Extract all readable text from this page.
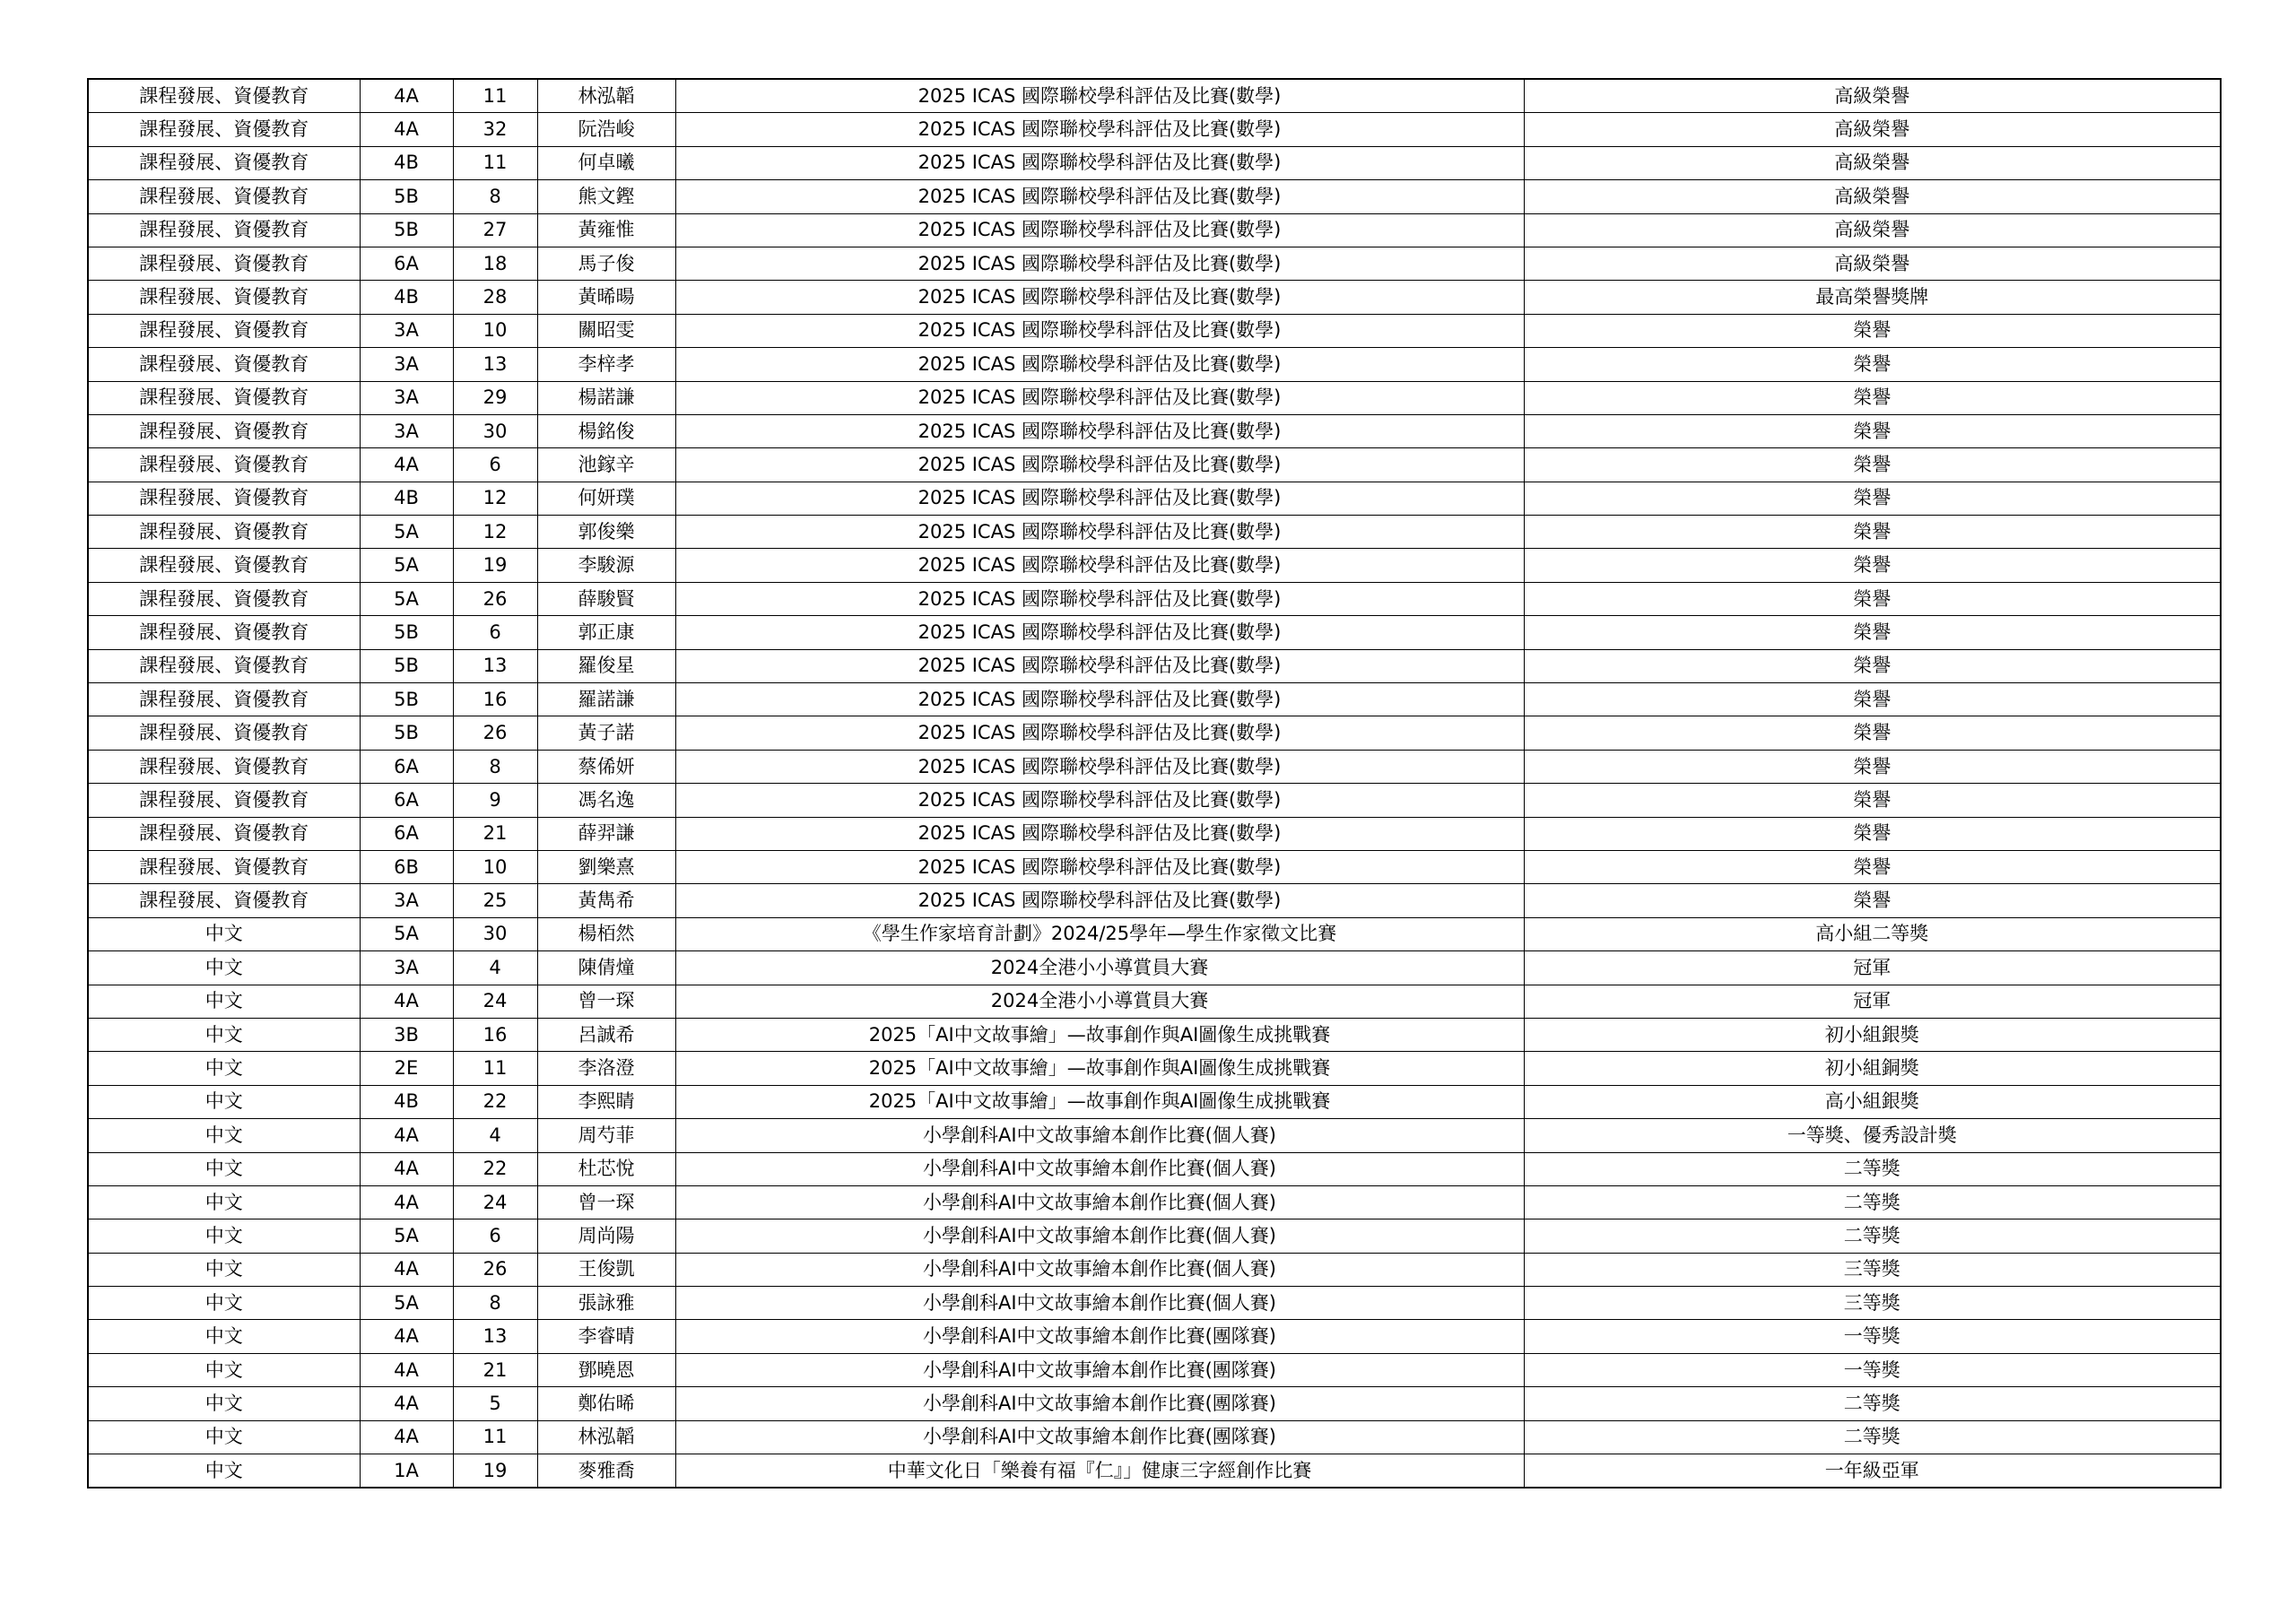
課程發展、資優教育	4A	11	林泓韜	2025 ICAS 國際聯校學科評估及比賽(數學)	高級榮譽
課程發展、資優教育	4A	32	阮浩峻	2025 ICAS 國際聯校學科評估及比賽(數學)	高級榮譽
課程發展、資優教育	4B	11	何卓曦	2025 ICAS 國際聯校學科評估及比賽(數學)	高級榮譽
課程發展、資優教育	5B	8	熊文鏗	2025 ICAS 國際聯校學科評估及比賽(數學)	高級榮譽
課程發展、資優教育	5B	27	黃雍惟	2025 ICAS 國際聯校學科評估及比賽(數學)	高級榮譽
課程發展、資優教育	6A	18	馬子俊	2025 ICAS 國際聯校學科評估及比賽(數學)	高級榮譽
課程發展、資優教育	4B	28	黃晞暘	2025 ICAS 國際聯校學科評估及比賽(數學)	最高榮譽獎牌
課程發展、資優教育	3A	10	關昭雯	2025 ICAS 國際聯校學科評估及比賽(數學)	榮譽
課程發展、資優教育	3A	13	李梓孝	2025 ICAS 國際聯校學科評估及比賽(數學)	榮譽
課程發展、資優教育	3A	29	楊諾謙	2025 ICAS 國際聯校學科評估及比賽(數學)	榮譽
課程發展、資優教育	3A	30	楊銘俊	2025 ICAS 國際聯校學科評估及比賽(數學)	榮譽
課程發展、資優教育	4A	6	池鎵辛	2025 ICAS 國際聯校學科評估及比賽(數學)	榮譽
課程發展、資優教育	4B	12	何妍璞	2025 ICAS 國際聯校學科評估及比賽(數學)	榮譽
課程發展、資優教育	5A	12	郭俊樂	2025 ICAS 國際聯校學科評估及比賽(數學)	榮譽
課程發展、資優教育	5A	19	李駿源	2025 ICAS 國際聯校學科評估及比賽(數學)	榮譽
課程發展、資優教育	5A	26	薛駿賢	2025 ICAS 國際聯校學科評估及比賽(數學)	榮譽
課程發展、資優教育	5B	6	郭正康	2025 ICAS 國際聯校學科評估及比賽(數學)	榮譽
課程發展、資優教育	5B	13	羅俊星	2025 ICAS 國際聯校學科評估及比賽(數學)	榮譽
課程發展、資優教育	5B	16	羅諾謙	2025 ICAS 國際聯校學科評估及比賽(數學)	榮譽
課程發展、資優教育	5B	26	黃子諾	2025 ICAS 國際聯校學科評估及比賽(數學)	榮譽
課程發展、資優教育	6A	8	蔡俙妍	2025 ICAS 國際聯校學科評估及比賽(數學)	榮譽
課程發展、資優教育	6A	9	馮名逸	2025 ICAS 國際聯校學科評估及比賽(數學)	榮譽
課程發展、資優教育	6A	21	薛羿謙	2025 ICAS 國際聯校學科評估及比賽(數學)	榮譽
課程發展、資優教育	6B	10	劉樂熹	2025 ICAS 國際聯校學科評估及比賽(數學)	榮譽
課程發展、資優教育	3A	25	黃雋希	2025 ICAS 國際聯校學科評估及比賽(數學)	榮譽
中文	5A	30	楊栢然	《學生作家培育計劃》2024/25學年—學生作家徵文比賽	高小組二等獎
中文	3A	4	陳倩燑	2024全港小小導賞員大賽	冠軍
中文	4A	24	曾一琛	2024全港小小導賞員大賽	冠軍
中文	3B	16	呂誠希	2025「AI中文故事繪」—故事創作與AI圖像生成挑戰賽	初小組銀獎
中文	2E	11	李洛澄	2025「AI中文故事繪」—故事創作與AI圖像生成挑戰賽	初小組銅獎
中文	4B	22	李熙睛	2025「AI中文故事繪」—故事創作與AI圖像生成挑戰賽	高小組銀獎
中文	4A	4	周芍菲	小學創科AI中文故事繪本創作比賽(個人賽)	一等獎、優秀設計獎
中文	4A	22	杜芯悅	小學創科AI中文故事繪本創作比賽(個人賽)	二等獎
中文	4A	24	曾一琛	小學創科AI中文故事繪本創作比賽(個人賽)	二等獎
中文	5A	6	周尚陽	小學創科AI中文故事繪本創作比賽(個人賽)	二等獎
中文	4A	26	王俊凱	小學創科AI中文故事繪本創作比賽(個人賽)	三等獎
中文	5A	8	張詠雅	小學創科AI中文故事繪本創作比賽(個人賽)	三等獎
中文	4A	13	李睿晴	小學創科AI中文故事繪本創作比賽(團隊賽)	一等獎
中文	4A	21	鄧曉恩	小學創科AI中文故事繪本創作比賽(團隊賽)	一等獎
中文	4A	5	鄭佑晞	小學創科AI中文故事繪本創作比賽(團隊賽)	二等獎
中文	4A	11	林泓韜	小學創科AI中文故事繪本創作比賽(團隊賽)	二等獎
中文	1A	19	麥雅喬	中華文化日「樂養有福『仁』」健康三字經創作比賽	一年級亞軍
